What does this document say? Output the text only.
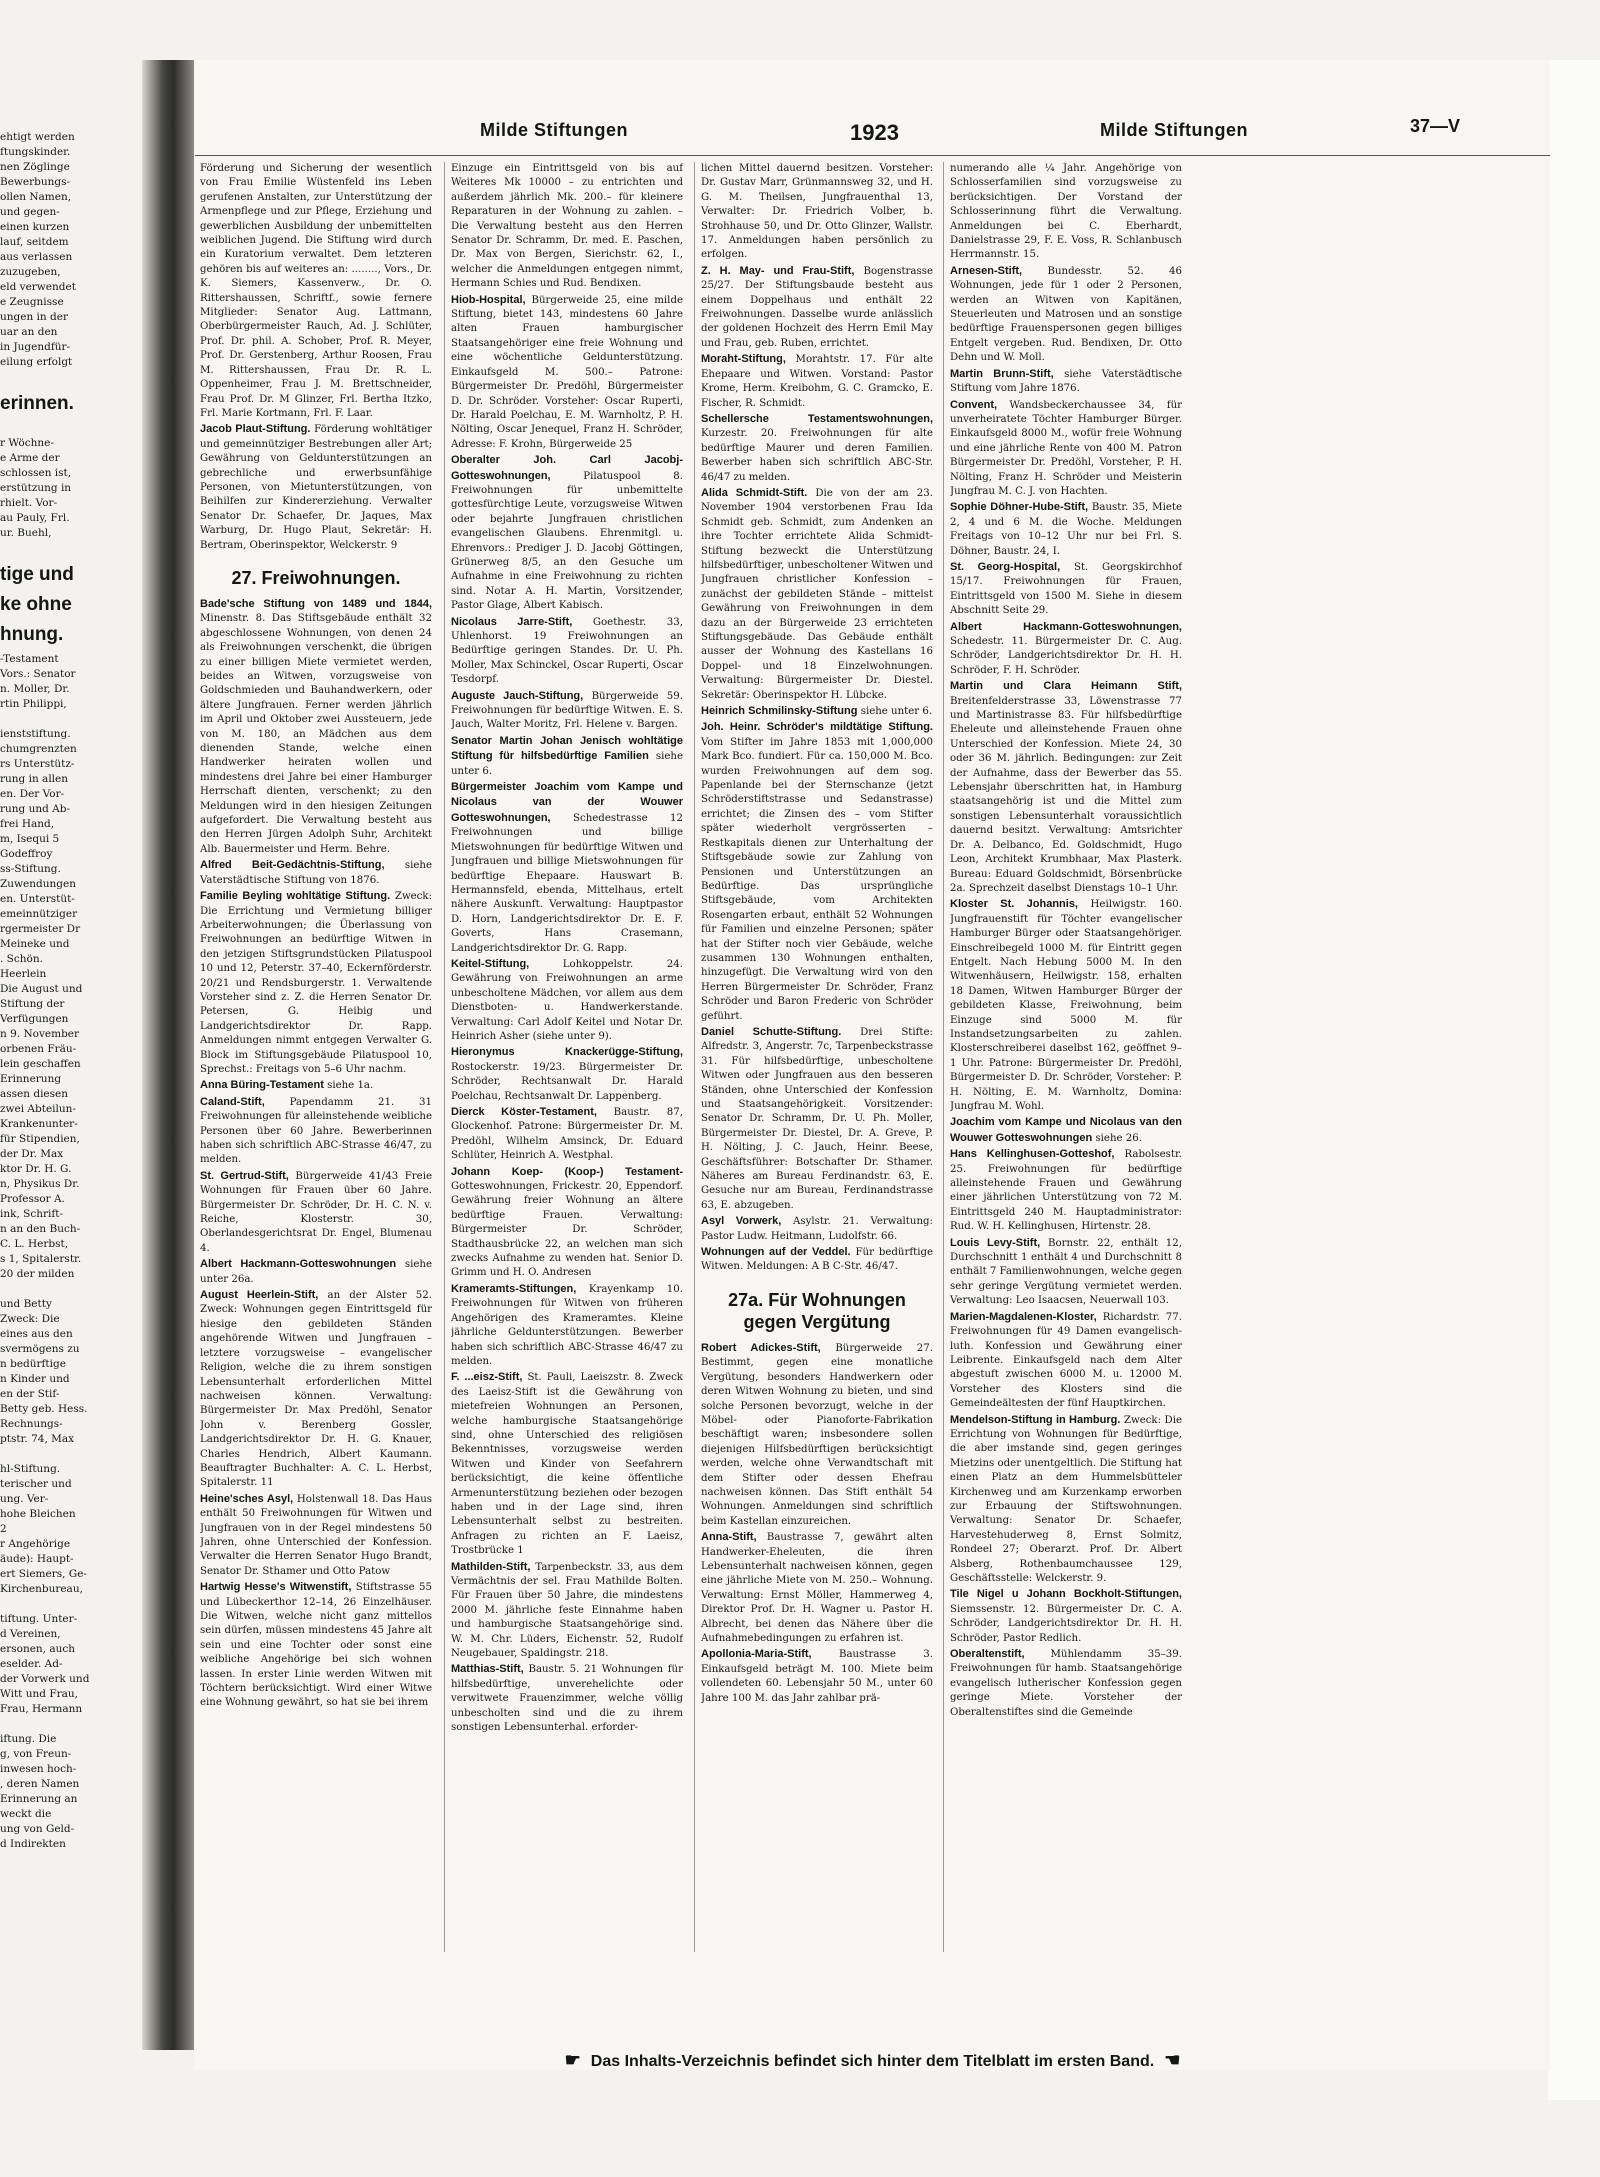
ehtigt werden
ftungskinder.
nen Zöglinge
Bewerbungs-
ollen Namen,
und gegen-
einen kurzen
lauf, seitdem
aus verlassen
zuzugeben,
eld verwendet
e Zeugnisse
ungen in der
uar an den
in Jugendfür-
eilung erfolgt

erinnen.

r Wöchne-
e Arme der
schlossen ist,
erstützung in
rhielt. Vor-
au Pauly, Frl.
ur. Buehl,

tige und
ke ohne
hnung.
-Testament
Vors.: Senator
n. Moller, Dr.
rtin Philippi,

ienststiftung.
chumgrenzten
rs Unterstütz-
rung in allen
en. Der Vor-
rung und Ab-
frei Hand,
m, Isequi 5
Godeffroy
ss-Stiftung.
Zuwendungen
en. Unterstüt-
emeinnütziger
rgermeister Dr
Meineke und
. Schön.
Heerlein
Die August und
Stiftung der
Verfügungen
n 9. November
orbenen Fräu-
lein geschaffen
Erinnerung
assen diesen
zwei Abteilun-
Krankenunter-
für Stipendien,
der Dr. Max
ktor Dr. H. G.
n, Physikus Dr.
Professor A.
ink, Schrift-
n an den Buch-
C. L. Herbst,
s 1, Spitalerstr.
20 der milden

und Betty
Zweck: Die
eines aus den
svermögens zu
n bedürftige
n Kinder und
en der Stif-
Betty geb. Hess.
Rechnungs-
ptstr. 74, Max

hl-Stiftung.
terischer und
ung. Ver-
hohe Bleichen
2
r Angehörige
äude): Haupt-
ert Siemers, Ge-
Kirchenbureau,

tiftung. Unter-
d Vereinen,
ersonen, auch
eselder. Ad-
der Vorwerk und
Witt und Frau,
Frau, Hermann

iftung. Die
g, von Freun-
inwesen hoch-
, deren Namen
Erinnerung an
weckt die
ung von Geld-
d Indirekten
Milde Stiftungen	1923	Milde Stiftungen	37—V

Förderung und Sicherung der wesentlich von Frau Emilie Wüstenfeld ins Leben gerufenen Anstalten, zur Unterstützung der Armenpflege und zur Pflege, Erziehung und gewerblichen Ausbildung der unbemittelten weiblichen Jugend. Die Stiftung wird durch ein Kuratorium verwaltet. Dem letzteren gehören bis auf weiteres an: ........, Vors., Dr. K. Siemers, Kassenverw., Dr. O. Rittershaussen, Schriftf., sowie fernere Mitglieder: Senator Aug. Lattmann, Oberbürgermeister Rauch, Ad. J. Schlüter, Prof. Dr. phil. A. Schober, Prof. R. Meyer, Prof. Dr. Gerstenberg, Arthur Roosen, Frau M. Rittershaussen, Frau Dr. R. L. Oppenheimer, Frau J. M. Brettschneider, Frau Prof. Dr. M Glinzer, Frl. Bertha Itzko, Frl. Marie Kortmann, Frl. F. Laar.

Jacob Plaut-Stiftung. Förderung wohltätiger und gemeinnütziger Bestrebungen aller Art; Gewährung von Geldunterstützungen an gebrechliche und erwerbsunfähige Personen, von Mietunterstützungen, von Beihilfen zur Kindererziehung. Verwalter Senator Dr. Schaefer, Dr. Jaques, Max Warburg, Dr. Hugo Plaut, Sekretär: H. Bertram, Oberinspektor, Welckerstr. 9

27. Freiwohnungen.

Bade'sche Stiftung von 1489 und 1844, Minenstr. 8. Das Stiftsgebäude enthält 32 abgeschlossene Wohnungen, von denen 24 als Freiwohnungen verschenkt, die übrigen zu einer billigen Miete vermietet werden, beides an Witwen, vorzugsweise von Goldschmieden und Bauhandwerkern, oder ältere Jungfrauen. Ferner werden jährlich im April und Oktober zwei Aussteuern, jede von M. 180, an Mädchen aus dem dienenden Stande, welche einen Handwerker heiraten wollen und mindestens drei Jahre bei einer Hamburger Herrschaft dienten, verschenkt; zu den Meldungen wird in den hiesigen Zeitungen aufgefordert. Die Verwaltung besteht aus den Herren Jürgen Adolph Suhr, Architekt Alb. Bauermeister und Herm. Behre.

Alfred Beit-Gedächtnis-Stiftung, siehe Vaterstädtische Stiftung von 1876.

Familie Beyling wohltätige Stiftung. Zweck: Die Errichtung und Vermietung billiger Arbeiterwohnungen; die Überlassung von Freiwohnungen an bedürftige Witwen in den jetzigen Stiftsgrundstücken Pilatuspool 10 und 12, Peterstr. 37–40, Eckernförderstr. 20/21 und Rendsburgerstr. 1. Verwaltende Vorsteher sind z. Z. die Herren Senator Dr. Petersen, G. Heibig und Landgerichtsdirektor Dr. Rapp. Anmeldungen nimmt entgegen Verwalter G. Block im Stiftungsgebäude Pilatuspool 10, Sprechst.: Freitags von 5–6 Uhr nachm.

Anna Büring-Testament siehe 1a.

Caland-Stift, Papendamm 21. 31 Freiwohnungen für alleinstehende weibliche Personen über 60 Jahre. Bewerberinnen haben sich schriftlich ABC-Strasse 46/47, zu melden.

St. Gertrud-Stift, Bürgerweide 41/43 Freie Wohnungen für Frauen über 60 Jahre. Bürgermeister Dr. Schröder, Dr. H. C. N. v. Reiche, Klosterstr. 30, Oberlandesgerichtsrat Dr. Engel, Blumenau 4.

Albert Hackmann-Gotteswohnungen siehe unter 26a.

August Heerlein-Stift, an der Alster 52. Zweck: Wohnungen gegen Eintrittsgeld für hiesige den gebildeten Ständen angehörende Witwen und Jungfrauen – letztere vorzugsweise – evangelischer Religion, welche die zu ihrem sonstigen Lebensunterhalt erforderlichen Mittel nachweisen können. Verwaltung: Bürgermeister Dr. Max Predöhl, Senator John v. Berenberg Gossler, Landgerichtsdirektor Dr. H. G. Knauer, Charles Hendrich, Albert Kaumann. Beauftragter Buchhalter: A. C. L. Herbst, Spitalerstr. 11

Heine'sches Asyl, Holstenwall 18. Das Haus enthält 50 Freiwohnungen für Witwen und Jungfrauen von in der Regel mindestens 50 Jahren, ohne Unterschied der Konfession. Verwalter die Herren Senator Hugo Brandt, Senator Dr. Sthamer und Otto Patow

Hartwig Hesse's Witwenstift, Stiftstrasse 55 und Lübeckerthor 12–14, 26 Einzelhäuser. Die Witwen, welche nicht ganz mittellos sein dürfen, müssen mindestens 45 Jahre alt sein und eine Tochter oder sonst eine weibliche Angehörige bei sich wohnen lassen. In erster Linie werden Witwen mit Töchtern berücksichtigt. Wird einer Witwe eine Wohnung gewährt, so hat sie bei ihrem

Einzuge ein Eintrittsgeld von bis auf Weiteres Mk 10000 – zu entrichten und außerdem jährlich Mk. 200.– für kleinere Reparaturen in der Wohnung zu zahlen. – Die Verwaltung besteht aus den Herren Senator Dr. Schramm, Dr. med. E. Paschen, Dr. Max von Bergen, Sierichstr. 62, I., welcher die Anmeldungen entgegen nimmt, Hermann Schies und Rud. Bendixen.

Hiob-Hospital, Bürgerweide 25, eine milde Stiftung, bietet 143, mindestens 60 Jahre alten Frauen hamburgischer Staatsangehöriger eine freie Wohnung und eine wöchentliche Geldunterstützung. Einkaufsgeld M. 500.– Patrone: Bürgermeister Dr. Predöhl, Bürgermeister D. Dr. Schröder. Vorsteher: Oscar Ruperti, Dr. Harald Poelchau, E. M. Warnholtz, P. H. Nölting, Oscar Jenequel, Franz H. Schröder, Adresse: F. Krohn, Bürgerweide 25

Oberalter Joh. Carl Jacobj-Gotteswohnungen,	Pilatuspool 8. Freiwohnungen für unbemittelte gottesfürchtige Leute, vorzugsweise Witwen oder bejahrte Jungfrauen christlichen evangelischen Glaubens. Ehrenmitgl. u. Ehrenvors.: Prediger J. D. Jacobj Göttingen, Grünerweg 8/5, an den Gesuche um Aufnahme in eine Freiwohnung zu richten sind. Notar A. H. Martin, Vorsitzender, Pastor Glage, Albert Kabisch.

Nicolaus Jarre-Stift, Goethestr. 33, Uhlenhorst. 19 Freiwohnungen an Bedürftige geringen Standes. Dr. U. Ph. Moller, Max Schinckel, Oscar Ruperti, Oscar Tesdorpf.

Auguste Jauch-Stiftung, Bürgerweide 59. Freiwohnungen für bedürftige Witwen. E. S. Jauch, Walter Moritz, Frl. Helene v. Bargen.

Senator Martin Johan Jenisch wohltätige Stiftung für hilfsbedürftige Familien siehe unter 6.

Bürgermeister Joachim vom Kampe und Nicolaus van der Wouwer Gotteswohnungen, Schedestrasse 12 Freiwohnungen und billige Mietswohnungen für bedürftige Witwen und Jungfrauen und billige Mietswohnungen für bedürftige Ehepaare. Hauswart B. Hermannsfeld, ebenda, Mittelhaus, ertelt nähere Auskunft. Verwaltung: Hauptpastor D. Horn, Landgerichtsdirektor Dr. E. F. Goverts, Hans Crasemann, Landgerichtsdirektor Dr. G. Rapp.

Keitel-Stiftung,	Lohkoppelstr. 24. Gewährung von Freiwohnungen an arme unbescholtene Mädchen, vor allem aus dem Dienstboten- u. Handwerkerstande. Verwaltung: Carl Adolf Keitel und Notar Dr. Heinrich Asher (siehe unter 9).

Hieronymus Knackerügge-Stiftung, Rostockerstr. 19/23. Bürgermeister Dr. Schröder, Rechtsanwalt Dr. Harald Poelchau, Rechtsanwalt Dr. Lappenberg.

Dierck Köster-Testament, Baustr. 87, Glockenhof. Patrone: Bürgermeister Dr. M. Predöhl, Wilhelm Amsinck, Dr. Eduard Schlüter, Heinrich A. Westphal.

Johann Koep- (Koop-) Testament- Gotteswohnungen, Frickestr. 20, Eppendorf. Gewährung freier Wohnung an ältere bedürftige Frauen. Verwaltung: Bürgermeister Dr. Schröder, Stadthausbrücke 22, an welchen man sich zwecks Aufnahme zu wenden hat. Senior D. Grimm und H. O. Andresen

Krameramts-Stiftungen, Krayenkamp 10. Freiwohnungen für Witwen von früheren Angehörigen des Krameramtes. Kleine jährliche Geldunterstützungen. Bewerber haben sich schriftlich ABC-Strasse 46/47 zu melden.

F. ...eisz-Stift, St. Pauli, Laeiszstr. 8. Zweck des Laeisz-Stift ist die Gewährung von mietefreien Wohnungen an Personen, welche hamburgische Staatsangehörige sind, ohne Unterschied des religiösen Bekenntnisses, vorzugsweise werden Witwen und Kinder von Seefahrern berücksichtigt, die keine öffentliche Armenunterstützung beziehen oder bezogen haben und in der Lage sind, ihren Lebensunterhalt selbst zu bestreiten. Anfragen zu richten an F. Laeisz, Trostbrücke 1

Mathilden-Stift, Tarpenbeckstr. 33, aus dem Vermächtnis der sel. Frau Mathilde Bolten. Für Frauen über 50 Jahre, die mindestens 2000 M. jährliche feste Einnahme haben und hamburgische Staatsangehörige sind. W. M. Chr. Lüders, Eichenstr. 52, Rudolf Neugebauer, Spaldingstr. 218.

Matthias-Stift, Baustr. 5. 21 Wohnungen für hilfsbedürftige, unverehelichte oder verwitwete Frauenzimmer, welche völlig unbescholten sind und die zu ihrem sonstigen Lebensunterhal. erforder-

lichen Mittel dauernd besitzen. Vorsteher: Dr. Gustav Marr, Grünmannsweg 32, und H. G. M. Theilsen, Jungfrauenthal 13, Verwalter: Dr. Friedrich Volber, b. Strohhause 50, und Dr. Otto Glinzer, Wallstr. 17. Anmeldungen haben persönlich zu erfolgen.

Z. H. May- und Frau-Stift, Bogenstrasse 25/27. Der Stiftungsbaude besteht aus einem Doppelhaus und enthält 22 Freiwohnungen. Dasselbe wurde anlässlich der goldenen Hochzeit des Herrn Emil May und Frau, geb. Ruben, errichtet.

Moraht-Stiftung, Morahtstr. 17. Für alte Ehepaare und Witwen. Vorstand: Pastor Krome, Herm. Kreibohm, G. C. Gramcko, E. Fischer, R. Schmidt.

Schellersche Testamentswohnungen, Kurzestr. 20. Freiwohnungen für alte bedürftige Maurer und deren Familien. Bewerber haben sich schriftlich ABC-Str. 46/47 zu melden.

Alida Schmidt-Stift. Die von der am 23. November 1904 verstorbenen Frau Ida Schmidt geb. Schmidt, zum Andenken an ihre Tochter errichtete Alida Schmidt-Stiftung bezweckt die Unterstützung hilfsbedürftiger, unbescholtener Witwen und Jungfrauen christlicher Konfession – zunächst der gebildeten Stände – mittelst Gewährung von Freiwohnungen in dem dazu an der Bürgerweide 23 errichteten Stiftungsgebäude. Das Gebäude enthält ausser der Wohnung des Kastellans 16 Doppel- und 18 Einzelwohnungen. Verwaltung: Bürgermeister Dr. Diestel. Sekretär: Oberinspektor H. Lübcke.

Heinrich Schmilinsky-Stiftung siehe unter 6.

Joh. Heinr. Schröder's mildtätige Stiftung. Vom Stifter im Jahre 1853 mit 1,000,000 Mark Bco. fundiert. Für ca. 150,000 M. Bco. wurden Freiwohnungen auf dem sog. Papenlande bei der Sternschanze (jetzt Schröderstiftstrasse und Sedanstrasse) errichtet; die Zinsen des – vom Stifter später wiederholt vergrösserten – Restkapitals dienen zur Unterhaltung der Stiftsgebäude sowie zur Zahlung von Pensionen und Unterstützungen an Bedürftige. Das ursprüngliche Stiftsgebäude, vom Architekten Rosengarten erbaut, enthält 52 Wohnungen für Familien und einzelne Personen; später hat der Stifter noch vier Gebäude, welche zusammen 130 Wohnungen enthalten, hinzugefügt. Die Verwaltung wird von den Herren Bürgermeister Dr. Schröder, Franz Schröder und Baron Frederic von Schröder geführt.

Daniel Schutte-Stiftung. Drei Stifte: Alfredstr. 3, Angerstr. 7c, Tarpenbeckstrasse 31. Für hilfsbedürftige, unbescholtene Witwen oder Jungfrauen aus den besseren Ständen, ohne Unterschied der Konfession und Staatsangehörigkeit. Vorsitzender: Senator Dr. Schramm, Dr. U. Ph. Moller, Bürgermeister Dr. Diestel, Dr. A. Greve, P. H. Nölting, J. C. Jauch, Heinr. Beese, Geschäftsführer: Botschafter Dr. Sthamer. Näheres am Bureau Ferdinandstr. 63, E. Gesuche nur am Bureau, Ferdinandstrasse 63, E. abzugeben.

Asyl Vorwerk, Asylstr. 21. Verwaltung: Pastor Ludw. Heitmann, Ludolfstr. 66.

Wohnungen auf der Veddel. Für bedürftige Witwen. Meldungen: A B C-Str. 46/47.

27a. Für Wohnungen gegen Vergütung

Robert Adickes-Stift, Bürgerweide 27. Bestimmt, gegen eine monatliche Vergütung, besonders Handwerkern oder deren Witwen Wohnung zu bieten, und sind solche Personen bevorzugt, welche in der Möbel- oder Pianoforte-Fabrikation beschäftigt waren; insbesondere sollen diejenigen Hilfsbedürftigen berücksichtigt werden, welche ohne Verwandtschaft mit dem Stifter oder dessen Ehefrau nachweisen können. Das Stift enthält 54 Wohnungen. Anmeldungen sind schriftlich beim Kastellan einzureichen.

Anna-Stift, Baustrasse 7, gewährt alten Handwerker-Eheleuten, die ihren Lebensunterhalt nachweisen können, gegen eine jährliche Miete von M. 250.– Wohnung. Verwaltung: Ernst Möller, Hammerweg 4, Direktor Prof. Dr. H. Wagner u. Pastor H. Albrecht, bei denen das Nähere über die Aufnahmebedingungen zu erfahren ist.

Apollonia-Maria-Stift,	Baustrasse 3. Einkaufsgeld beträgt M. 100. Miete beim vollendeten 60. Lebensjahr 50 M., unter 60 Jahre 100 M. das Jahr zahlbar prä-

numerando alle ¼ Jahr. Angehörige von Schlosserfamilien sind vorzugsweise zu berücksichtigen. Der Vorstand der Schlosserinnung führt die Verwaltung. Anmeldungen bei C. Eberhardt, Danielstrasse 29, F. E. Voss, R. Schlanbusch Herrmannstr. 15.

Arnesen-Stift, Bundesstr. 52. 46 Wohnungen, jede für 1 oder 2 Personen, werden an Witwen von Kapitänen, Steuerleuten und Matrosen und an sonstige bedürftige Frauenspersonen gegen billiges Entgelt vergeben. Rud. Bendixen, Dr. Otto Dehn und W. Moll.

Martin Brunn-Stift, siehe Vaterstädtische Stiftung vom Jahre 1876.

Convent, Wandsbeckerchaussee 34, für unverheiratete Töchter Hamburger Bürger. Einkaufsgeld 8000 M., wofür freie Wohnung und eine jährliche Rente von 400 M. Patron Bürgermeister Dr. Predöhl, Vorsteher, P. H. Nölting, Franz H. Schröder und Meisterin Jungfrau M. C. J. von Hachten.

Sophie Döhner-Hube-Stift, Baustr. 35, Miete 2, 4 und 6 M. die Woche. Meldungen Freitags von 10–12 Uhr nur bei Frl. S. Döhner, Baustr. 24, I.

St. Georg-Hospital, St. Georgskirchhof 15/17. Freiwohnungen für Frauen, Eintrittsgeld von 1500 M. Siehe in diesem Abschnitt Seite 29.

Albert Hackmann-Gotteswohnungen, Schedestr. 11. Bürgermeister Dr. C. Aug. Schröder, Landgerichtsdirektor Dr. H. H. Schröder, F. H. Schröder.

Martin und Clara Heimann Stift, Breitenfelderstrasse 33, Löwenstrasse 77 und Martinistrasse 83. Für hilfsbedürftige Eheleute und alleinstehende Frauen ohne Unterschied der Konfession. Miete 24, 30 oder 36 M. jährlich. Bedingungen: zur Zeit der Aufnahme, dass der Bewerber das 55. Lebensjahr überschritten hat, in Hamburg staatsangehörig ist und die Mittel zum sonstigen Lebensunterhalt voraussichtlich dauernd besitzt. Verwaltung: Amtsrichter Dr. A. Delbanco, Ed. Goldschmidt, Hugo Leon, Architekt Krumbhaar, Max Plasterk. Bureau: Eduard Goldschmidt, Börsenbrücke 2a. Sprechzeit daselbst Dienstags 10–1 Uhr.

Kloster St. Johannis, Heilwigstr. 160. Jungfrauenstift für Töchter evangelischer Hamburger Bürger oder Staatsangehöriger. Einschreibegeld 1000 M. für Eintritt gegen Entgelt. Nach Hebung 5000 M. In den Witwenhäusern, Heilwigstr. 158, erhalten 18 Damen, Witwen Hamburger Bürger der gebildeten Klasse, Freiwohnung, beim Einzuge sind 5000 M. für Instandsetzungsarbeiten zu zahlen. Klosterschreiberei daselbst 162, geöffnet 9–1 Uhr. Patrone: Bürgermeister Dr. Predöhl, Bürgermeister D. Dr. Schröder, Vorsteher: P. H. Nölting, E. M. Warnholtz, Domina: Jungfrau M. Wohl.

Joachim vom Kampe und Nicolaus van den Wouwer Gotteswohnungen siehe 26.

Hans Kellinghusen-Gotteshof, Rabolsestr. 25. Freiwohnungen für bedürftige alleinstehende Frauen und Gewährung einer jährlichen Unterstützung von 72 M. Eintrittsgeld 240 M. Hauptadministrator: Rud. W. H. Kellinghusen, Hirtenstr. 28.

Louis Levy-Stift, Bornstr. 22, enthält 12, Durchschnitt 1 enthält 4 und Durchschnitt 8 enthält 7 Familienwohnungen, welche gegen sehr geringe Vergütung vermietet werden. Verwaltung: Leo Isaacsen, Neuerwall 103.

Marien-Magdalenen-Kloster, Richardstr. 77. Freiwohnungen für 49 Damen evangelisch-luth. Konfession und Gewährung einer Leibrente. Einkaufsgeld nach dem Alter abgestuft zwischen 6000 M. u. 12000 M. Vorsteher des Klosters sind die Gemeindeältesten der fünf Hauptkirchen.

Mendelson-Stiftung in Hamburg. Zweck: Die Errichtung von Wohnungen für Bedürftige, die aber imstande sind, gegen geringes Mietzins oder unentgeltlich. Die Stiftung hat einen Platz an dem Hummelsbütteler Kirchenweg und am Kurzenkamp erworben zur Erbauung der Stiftswohnungen. Verwaltung: Senator Dr. Schaefer, Harvestehuderweg 8, Ernst Solmitz, Rondeel 27; Oberarzt. Prof. Dr. Albert Alsberg, Rothenbaumchaussee 129, Geschäftsstelle: Welckerstr. 9.

Tile Nigel u Johann Bockholt-Stiftungen, Siemssenstr. 12. Bürgermeister Dr. C. A. Schröder, Landgerichtsdirektor Dr. H. H. Schröder, Pastor Redlich.

Oberaltenstift,	Mühlendamm 35–39. Freiwohnungen für hamb. Staatsangehörige evangelisch lutherischer Konfession gegen geringe Miete. Vorsteher der Oberaltenstiftes sind die Gemeinde

☛ Das Inhalts-Verzeichnis befindet sich hinter dem Titelblatt im ersten Band. ☚
